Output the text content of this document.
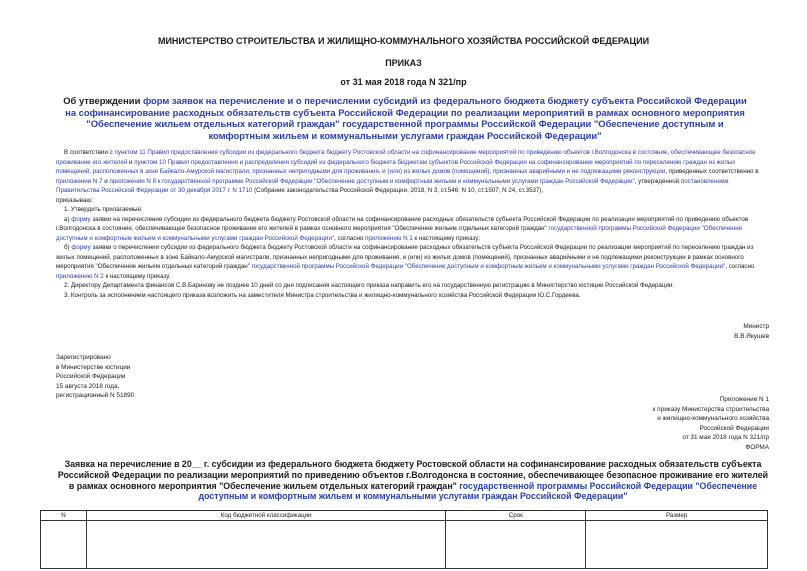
МИНИСТЕРСТВО СТРОИТЕЛЬСТВА И ЖИЛИЩНО-КОММУНАЛЬНОГО ХОЗЯЙСТВА РОССИЙСКОЙ ФЕДЕРАЦИИ
ПРИКАЗ
от 31 мая 2018 года N 321/пр
Об утверждении форм заявок на перечисление и о перечислении субсидий из федерального бюджета бюджету субъекта Российской Федерации на софинансирование расходных обязательств субъекта Российской Федерации по реализации мероприятий в рамках основного мероприятия "Обеспечение жильем отдельных категорий граждан" государственной программы Российской Федерации "Обеспечение доступным и комфортным жильем и коммунальными услугами граждан Российской Федерации"

В соответствии с пунктом 11 Правил предоставления субсидии из федерального бюджета бюджету Ростовской области на софинансирование мероприятий по приведению объектов г.Волгодонска в состояние, обеспечивающее безопасное проживание его жителей и пунктом 10 Правил предоставления и распределения субсидий из федерального бюджета бюджетам субъектов Российской Федерации на софинансирование мероприятий по переселению граждан из жилых помещений, расположенных в зоне Байкало-Амурской магистрали, признанных непригодными для проживания, и (или) из жилых домов (помещений), признанных аварийными и не подлежащими реконструкции, приведенных соответственно в приложении N 7 и приложении N 8 к государственной программе Российской Федерации "Обеспечение доступным и комфортным жильем и коммунальными услугами граждан Российской Федерации", утвержденной постановлением Правительства Российской Федерации от 30 декабря 2017 г. N 1710 (Собрание законодательства Российской Федерации, 2018, N 3, ст.546; N 10, ст.1507; N 24, ст.3537),

приказываю:

1. Утвердить прилагаемые:

а) форму заявки на перечисление субсидии из федерального бюджета бюджету Ростовской области на софинансирование расходных обязательств субъекта Российской Федерации по реализации мероприятий по приведению объектов г.Волгодонска в состояние, обеспечивающее безопасное проживание его жителей в рамках основного мероприятия "Обеспечение жильем отдельных категорий граждан" государственной программы Российской Федерации "Обеспечение доступным и комфортным жильем и коммунальными услугами граждан Российской Федерации", согласно приложению N 1 к настоящему приказу;

б) форму заявки о перечислении субсидии из федерального бюджета бюджету Ростовской области на софинансирование расходных обязательств субъекта Российской Федерации по реализации мероприятий по переселению граждан из жилых помещений, расположенных в зоне Байкало-Амурской магистрали, признанных непригодными для проживания, и (или) из жилых домов (помещений), признанных аварийными и не подлежащими реконструкции в рамках основного мероприятия "Обеспечение жильем отдельных категорий граждан" государственной программы Российской Федерации "Обеспечение доступным и комфортным жильем и коммунальными услугами граждан Российской Федерации", согласно приложению N 2 к настоящему приказу.

2. Директору Департамента финансов С.В.Баринову не позднее 10 дней со дня подписания настоящего приказа направить его на государственную регистрацию в Министерство юстиции Российской Федерации.

3. Контроль за исполнением настоящего приказа возложить на заместителя Министра строительства и жилищно-коммунального хозяйства Российской Федерации Ю.С.Гордеева.

Министр
В.В.Якушев
Зарегистрировано
в Министерстве юстиции
Российской Федерации
15 августа 2018 года,
регистрационный N 51890
Приложение N 1
к приказу Министерства строительства
и жилищно-коммунального хозяйства
Российской Федерации
от 31 мая 2018 года N 321/пр
ФОРМА
Заявка на перечисление в 20__ г. субсидии из федерального бюджета бюджету Ростовской области на софинансирование расходных обязательств субъекта Российской Федерации по реализации мероприятий по приведению объектов г.Волгодонска в состояние, обеспечивающее безопасное проживание его жителей в рамках основного мероприятия "Обеспечение жильем отдельных категорий граждан" государственной программы Российской Федерации "Обеспечение доступным и комфортным жильем и коммунальными услугами граждан Российской Федерации"
N	Код бюджетной классификации	Срок	Размер
